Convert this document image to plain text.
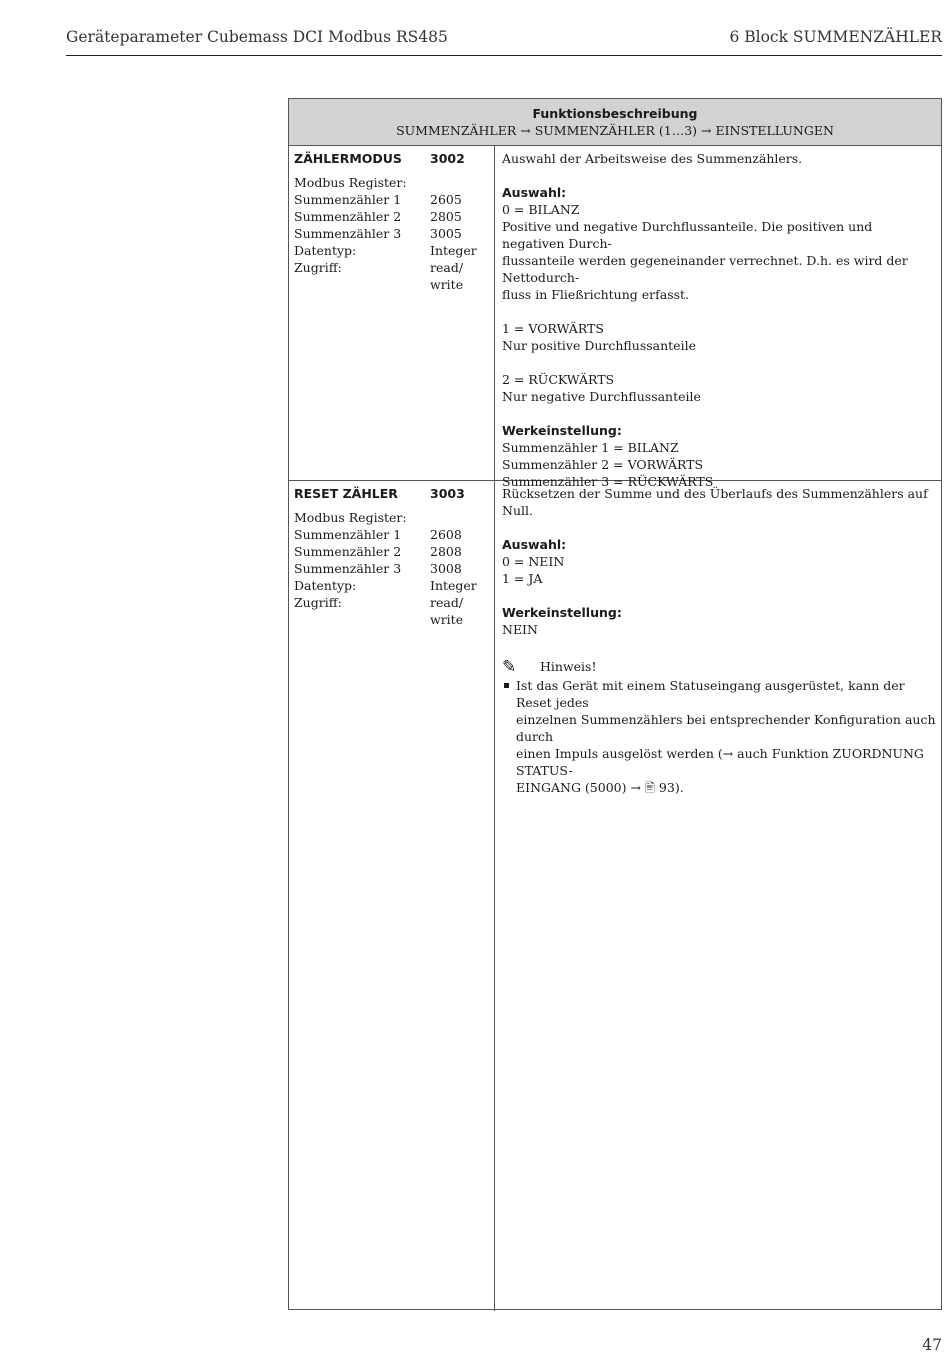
Geräteparameter Cubemass DCI Modbus RS485	6 Block SUMMENZÄHLER
Funktionsbeschreibung
SUMMENZÄHLER → SUMMENZÄHLER (1…3) → EINSTELLUNGEN
ZÄHLERMODUS 3002
Modbus Register:
Summenzähler 1 2605
Summenzähler 2 2805
Summenzähler 3 3005
Datentyp:	Integer
Zugriff:	read/
write

Auswahl der Arbeitsweise des Summenzählers.

Auswahl:

0 = BILANZ

Positive und negative Durchflussanteile. Die positiven und negativen Durch-

flussanteile werden gegeneinander verrechnet. D.h. es wird der Nettodurch-

fluss in Fließrichtung erfasst.

1 = VORWÄRTS

Nur positive Durchflussanteile

2 = RÜCKWÄRTS

Nur negative Durchflussanteile

Werkeinstellung:

Summenzähler 1 = BILANZ

Summenzähler 2 = VORWÄRTS

Summenzähler 3 = RÜCKWÄRTS

RESET ZÄHLER	3003
Modbus Register:
Summenzähler 1 2608
Summenzähler 2 2808
Summenzähler 3 3008
Datentyp:	Integer
Zugriff:	read/
write

Rücksetzen der Summe und des Überlaufs des Summenzählers auf Null.

Auswahl:

0 = NEIN

1 = JA

Werkeinstellung:

NEIN

✎ Hinweis!

Ist das Gerät mit einem Statuseingang ausgerüstet, kann der Reset jedes

einzelnen Summenzählers bei entsprechender Konfiguration auch durch

einen Impuls ausgelöst werden (→ auch Funktion ZUORDNUNG STATUS-

EINGANG (5000) → 🖹 93).

47
